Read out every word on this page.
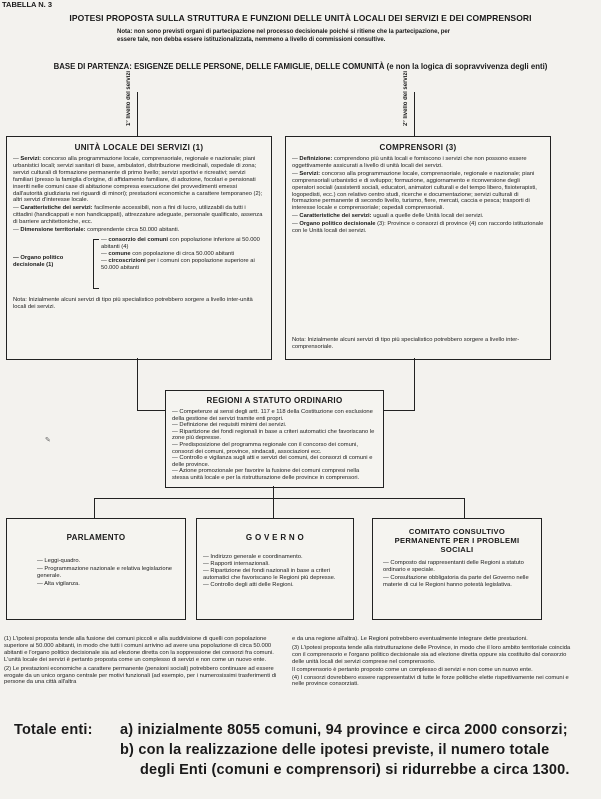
TABELLA N. 3
IPOTESI PROPOSTA SULLA STRUTTURA E FUNZIONI DELLE UNITÀ LOCALI DEI SERVIZI E DEI COMPRENSORI
Nota: non sono previsti organi di partecipazione nel processo decisionale poiché si ritiene che la partecipazione, per essere tale, non debba essere istituzionalizzata, nemmeno a livello di commissioni consultive.
BASE DI PARTENZA: ESIGENZE DELLE PERSONE, DELLE FAMIGLIE, DELLE COMUNITÀ (e non la logica di sopravvivenza degli enti)
1° livello del servizi	2° livello del servizi
UNITÀ LOCALE DEI SERVIZI (1)
— Servizi: concorso alla programmazione locale, comprensoriale, regionale e nazionale; piani urbanistici locali; servizi sanitari di base, ambulatori, distribuzione medicinali, ospedale di zona; servizi culturali di formazione permanente di primo livello; servizi sportivi e ricreativi; servizi familiari (presso la famiglia d'origine, di affidamento familiare, di adozione, focolari e pensionati inseriti nelle comuni case di abitazione compresa esecuzione dei provvedimenti emessi dall'autorità giudiziaria nei riguardi di minori); prestazioni economiche a carattere temporaneo (2); altri servizi d'interesse locale.
— Caratteristiche dei servizi: facilmente accessibili, non a fini di lucro, utilizzabili da tutti i cittadini (handicappati e non handicappati), attrezzature adeguate, personale qualificato, assenza di barriere architettoniche, ecc.
— Dimensione territoriale: comprendente circa 50.000 abitanti.
— Organo politico decisionale (1)
— consorzio dei comuni con popolazione inferiore ai 50.000 abitanti (4)
— comune con popolazione di circa 50.000 abitanti
— circoscrizioni per i comuni con popolazione superiore ai 50.000 abitanti
Nota: Inizialmente alcuni servizi di tipo più specialistico potrebbero sorgere a livello inter-unità locali dei servizi.
COMPRENSORI (3)
— Definizione: comprendono più unità locali e forniscono i servizi che non possono essere oggettivamente assicurati a livello di unità locali dei servizi.
— Servizi: concorso alla programmazione locale, comprensoriale, regionale e nazionale; piani comprensoriali urbanistici e di sviluppo; formazione, aggiornamento e riconversione degli operatori sociali (assistenti sociali, educatori, animatori culturali e del tempo libero, fisioterapisti, logopedisti, ecc.) con relativo centro studi, ricerche e documentazione; servizi culturali di formazione permanente di secondo livello, turismo, fiere, mercati, caccia e pesca; trasporti di interesse locale e comprensoriale; ospedali comprensoriali.
— Caratteristiche dei servizi: uguali a quelle delle Unità locali dei servizi.
— Organo politico decisionale (3): Province o consorzi di province (4) con raccordo istituzionale con le Unità locali dei servizi.
Nota: Inizialmente alcuni servizi di tipo più specialistico potrebbero sorgere a livello inter-comprensoriale.
✎
REGIONI A STATUTO ORDINARIO
— Competenze ai sensi degli artt. 117 e 118 della Costituzione con esclusione della gestione dei servizi tramite enti propri.
— Definizione dei requisiti minimi dei servizi.
— Ripartizione dei fondi regionali in base a criteri automatici che favoriscano le zone più depresse.
— Predisposizione del programma regionale con il concorso dei comuni, consorzi dei comuni, province, sindacati, associazioni ecc.
— Controllo e vigilanza sugli atti e servizi dei comuni, dei consorzi di comuni e delle province.
— Azione promozionale per favorire la fusione dei comuni compresi nella stessa unità locale e per la ristrutturazione delle province in comprensori.
PARLAMENTO
— Leggi-quadro.
— Programmazione nazionale e relativa legislazione generale.
— Alta vigilanza.
G O V E R N O
— Indirizzo generale e coordinamento.
— Rapporti internazionali.
— Ripartizione dei fondi nazionali in base a criteri automatici che favoriscano le Regioni più depresse.
— Controllo degli atti delle Regioni.
COMITATO CONSULTIVO PERMANENTE PER I PROBLEMI SOCIALI
— Composto dai rappresentanti delle Regioni a statuto ordinario e speciale.
— Consultazione obbligatoria da parte del Governo nelle materie di cui le Regioni hanno potestà legislativa.
(1) L'ipotesi proposta tende alla fusione dei comuni piccoli e alla suddivisione di quelli con popolazione superiore ai 50.000 abitanti, in modo che tutti i comuni arrivino ad avere una popolazione di circa 50.000 abitanti e l'organo politico decisionale sia ad elezione diretta con la soppressione dei consorzi fra comuni. L'unità locale dei servizi è pertanto proposta come un complesso di servizi e non come un nuovo ente.
(2) Le prestazioni economiche a carattere permanente (pensioni sociali) potrebbero continuare ad essere erogate da un unico organo centrale per motivi funzionali (ad esempio, per i numerosissimi trasferimenti di persone da una città all'altra
e da una regione all'altra). Le Regioni potrebbero eventualmente integrare dette prestazioni.
(3) L'ipotesi proposta tende alla ristrutturazione delle Province, in modo che il loro ambito territoriale coincida con il comprensorio e l'organo politico decisionale sia ad elezione diretta oppure sia costituito dal consorzio delle unità locali dei servizi comprese nel comprensorio.
Il comprensorio è pertanto proposto come un complesso di servizi e non come un nuovo ente.
(4) I consorzi dovrebbero essere rappresentativi di tutte le forze politiche elette rispettivamente nei comuni e nelle province consorziati.
Totale enti: a) inizialmente 8055 comuni, 94 province e circa 2000 consorzi;
b) con la realizzazione delle ipotesi previste, il numero totale
degli Enti (comuni e comprensori) si ridurrebbe a circa 1300.
